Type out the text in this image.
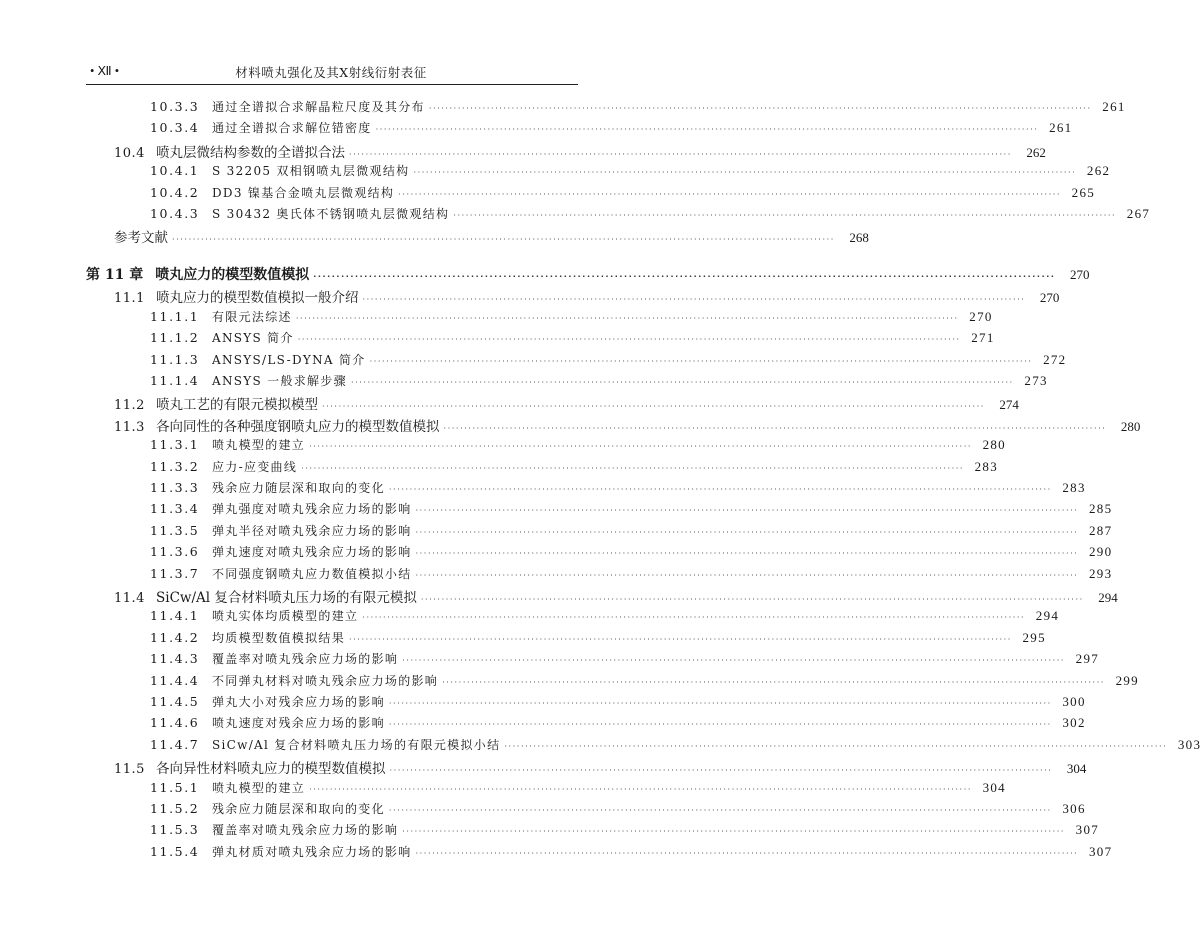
• Ⅻ •	材料喷丸强化及其X射线衍射表征
10.3.3	通过全谱拟合求解晶粒尺度及其分布 ································································································································································ 261
10.3.4	通过全谱拟合求解位错密度 ································································································································································ 261
10.4 喷丸层微结构参数的全谱拟合法 ································································································································································	262
10.4.1	S 32205 双相钢喷丸层微观结构 ································································································································································ 262
10.4.2	DD3 镍基合金喷丸层微观结构 ································································································································································ 265
10.4.3	S 30432 奥氏体不锈钢喷丸层微观结构 ································································································································································ 267
参考文献 ································································································································································	268
第 11 章 喷丸应力的模型数值模拟 ································································································································································	270
11.1 喷丸应力的模型数值模拟一般介绍 ································································································································································	270
11.1.1	有限元法综述 ································································································································································ 270
11.1.2	ANSYS 简介 ································································································································································ 271
11.1.3	ANSYS/LS-DYNA 简介 ································································································································································ 272
11.1.4	ANSYS 一般求解步骤 ································································································································································ 273
11.2 喷丸工艺的有限元模拟模型 ································································································································································	274
11.3 各向同性的各种强度钢喷丸应力的模型数值模拟 ································································································································································	280
11.3.1	喷丸模型的建立 ································································································································································ 280
11.3.2	应力-应变曲线 ································································································································································ 283
11.3.3	残余应力随层深和取向的变化 ································································································································································ 283
11.3.4	弹丸强度对喷丸残余应力场的影响 ································································································································································ 285
11.3.5	弹丸半径对喷丸残余应力场的影响 ································································································································································ 287
11.3.6	弹丸速度对喷丸残余应力场的影响 ································································································································································ 290
11.3.7	不同强度钢喷丸应力数值模拟小结 ································································································································································ 293
11.4 SiCw/Al 复合材料喷丸压力场的有限元模拟 ································································································································································	294
11.4.1	喷丸实体均质模型的建立 ································································································································································ 294
11.4.2	均质模型数值模拟结果 ································································································································································ 295
11.4.3	覆盖率对喷丸残余应力场的影响 ································································································································································ 297
11.4.4	不同弹丸材料对喷丸残余应力场的影响 ································································································································································ 299
11.4.5	弹丸大小对残余应力场的影响 ································································································································································ 300
11.4.6	喷丸速度对残余应力场的影响 ································································································································································ 302
11.4.7	SiCw/Al 复合材料喷丸压力场的有限元模拟小结 ································································································································································ 303
11.5 各向异性材料喷丸应力的模型数值模拟 ································································································································································	304
11.5.1	喷丸模型的建立 ································································································································································ 304
11.5.2	残余应力随层深和取向的变化 ································································································································································ 306
11.5.3	覆盖率对喷丸残余应力场的影响 ································································································································································ 307
11.5.4	弹丸材质对喷丸残余应力场的影响 ································································································································································ 307
